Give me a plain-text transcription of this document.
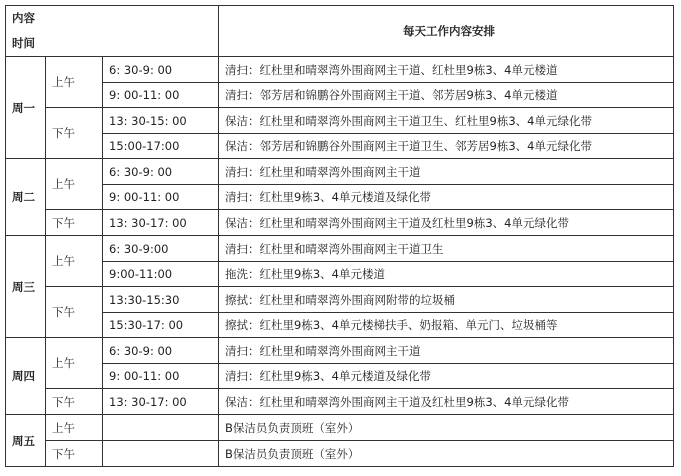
内容
时间			每天工作内容安排
周一	上午	6: 30-9: 00	清扫：红杜里和晴翠湾外围商网主干道、红杜里9栋3、4单元楼道
		9: 00-11: 00	清扫：邻芳居和锦鹏谷外围商网主干道、邻芳居9栋3、4单元楼道
	下午	13: 30-15: 00	保洁：红杜里和晴翠湾外围商网主干道卫生、红杜里9栋3、4单元绿化带
		15:00-17:00	保洁：邻芳居和锦鹏谷外围商网主干道卫生、邻芳居9栋3、4单元绿化带
周二	上午	6: 30-9: 00	清扫：红杜里和晴翠湾外围商网主干道
		9: 00-11: 00	清扫：红杜里9栋3、4单元楼道及绿化带
	下午	13: 30-17: 00	保洁：红杜里和晴翠湾外围商网主干道及红杜里9栋3、4单元绿化带
周三	上午	6: 30-9:00	清扫：红杜里和晴翠湾外围商网主干道卫生
		9:00-11:00	拖洗：红杜里9栋3、4单元楼道
	下午	13:30-15:30	擦拭：红杜里和晴翠湾外围商网附带的垃圾桶
		15:30-17: 00	擦拭：红杜里9栋3、4单元楼梯扶手、奶报箱、单元门、垃圾桶等
周四	上午	6: 30-9: 00	清扫：红杜里和晴翠湾外围商网主干道
		9: 00-11: 00	清扫：红杜里9栋3、4单元楼道及绿化带
	下午	13: 30-17: 00	保洁：红杜里和晴翠湾外围商网主干道及红杜里9栋3、4单元绿化带
周五	上午		B保洁员负责顶班（室外）
	下午		B保洁员负责顶班（室外）
